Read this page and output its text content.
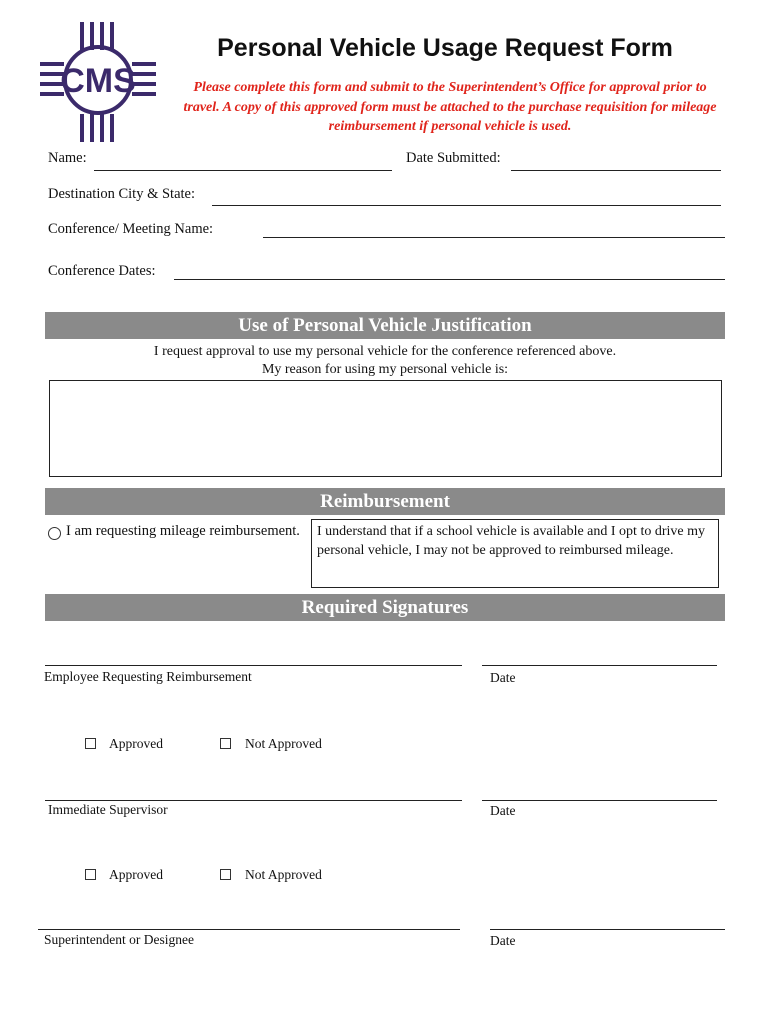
CMS
Personal Vehicle Usage Request Form
Please complete this form and submit to the Superintendent’s Office for approval prior to travel. A copy of this approved form must be attached to the purchase requisition for mileage reimbursement if personal vehicle is used.
Name:	Date Submitted:
Destination City & State:
Conference/ Meeting Name:
Conference Dates:
Use of Personal Vehicle Justification
I request approval to use my personal vehicle for the conference referenced above.
My reason for using my personal vehicle is:
Reimbursement
I am requesting mileage reimbursement.	I understand that if a school vehicle is available and I opt to drive my personal vehicle, I may not be approved to reimbursed mileage.
Required Signatures
Employee Requesting Reimbursement	Date
Approved	Not Approved
Immediate Supervisor	Date
Approved	Not Approved
Superintendent or Designee	Date
